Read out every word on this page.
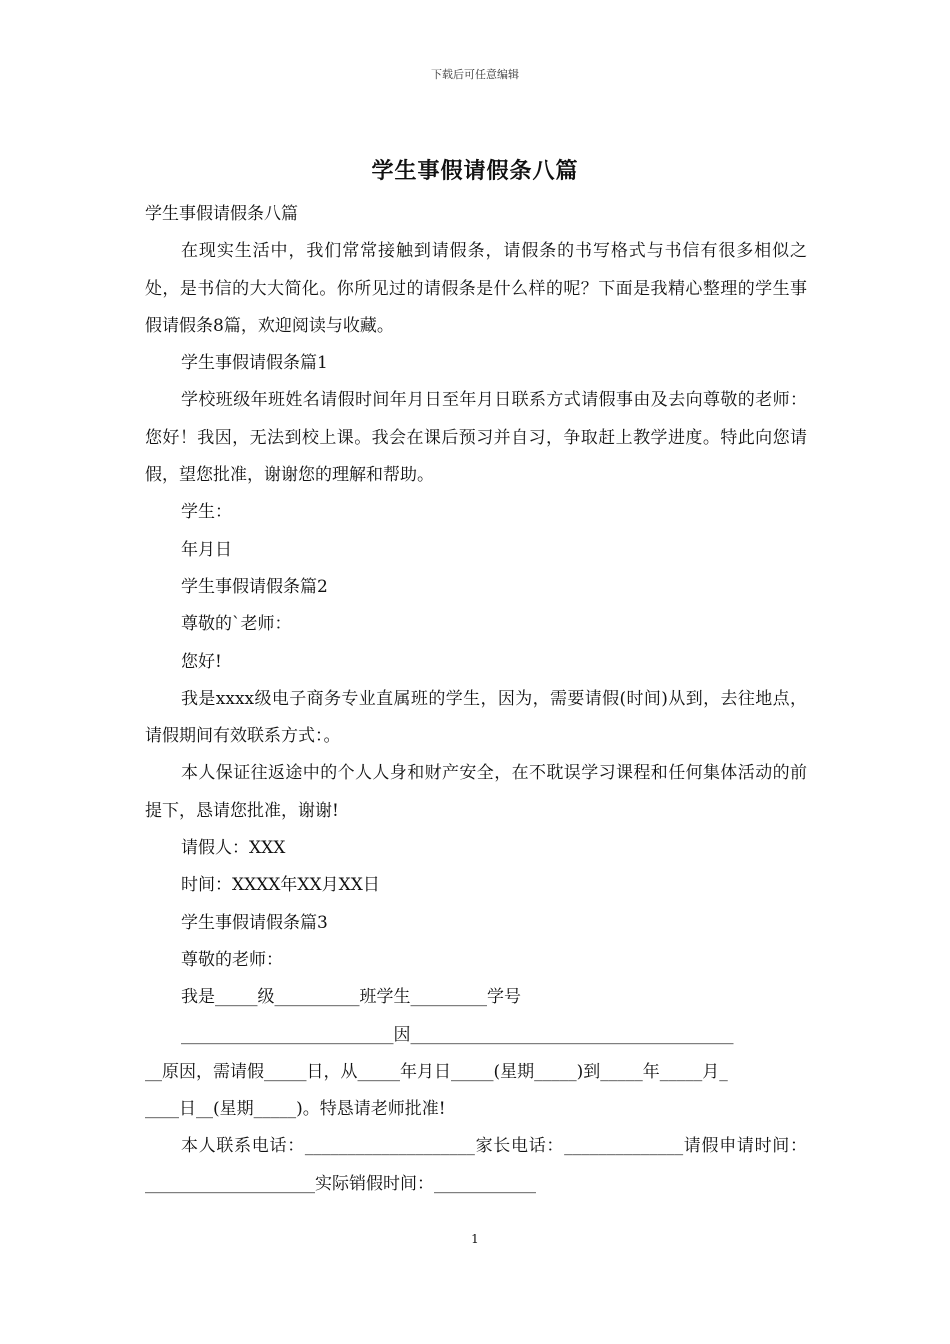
下载后可任意编辑
学生事假请假条八篇

学生事假请假条八篇

在现实生活中，我们常常接触到请假条，请假条的书写格式与书信有很多相似之处，是书信的大大简化。你所见过的请假条是什么样的呢？下面是我精心整理的学生事假请假条8篇，欢迎阅读与收藏。

学生事假请假条篇1

学校班级年班姓名请假时间年月日至年月日联系方式请假事由及去向尊敬的老师：您好！我因，无法到校上课。我会在课后预习并自习，争取赶上教学进度。特此向您请假，望您批准，谢谢您的理解和帮助。

学生：

年月日

学生事假请假条篇2

尊敬的`老师：

您好!

我是xxxx级电子商务专业直属班的学生，因为，需要请假(时间)从到，去往地点，请假期间有效联系方式：。

本人保证往返途中的个人人身和财产安全，在不耽误学习课程和任何集体活动的前提下，恳请您批准，谢谢!

请假人：XXX

时间：XXXX年XX月XX日

学生事假请假条篇3

尊敬的老师：

我是_____级__________班学生_________学号

_________________________因______________________________________

__原因，需请假_____日，从_____年月日_____(星期_____)到_____年_____月_

____日__(星期_____)。特恳请老师批准!

本人联系电话：____________________家长电话：______________请假申请时间：____________________实际销假时间：____________

1
